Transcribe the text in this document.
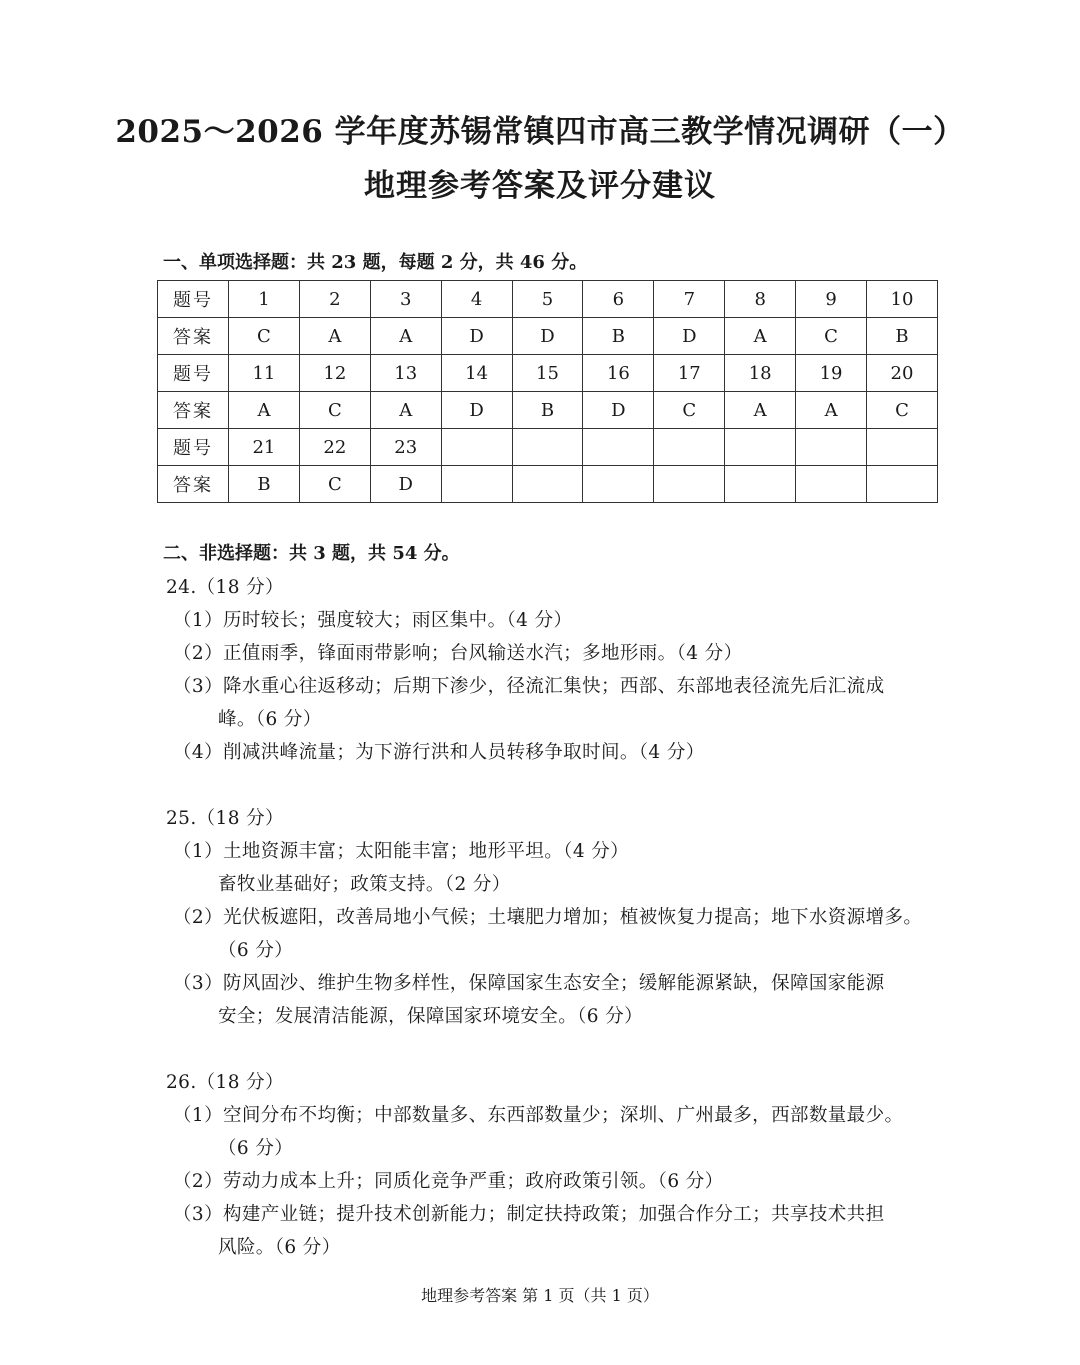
2025～2026 学年度苏锡常镇四市高三教学情况调研（一）
地理参考答案及评分建议
一、单项选择题：共 23 题，每题 2 分，共 46 分。
题号	1	2	3	4	5	6	7	8	9	10
答案	C	A	A	D	D	B	D	A	C	B
题号	11	12	13	14	15	16	17	18	19	20
答案	A	C	A	D	B	D	C	A	A	C
题号	21	22	23							
答案	B	C	D							
二、非选择题：共 3 题，共 54 分。
24.（18 分）
（1）历时较长；强度较大；雨区集中。（4 分）
（2）正值雨季，锋面雨带影响；台风输送水汽；多地形雨。（4 分）
（3）降水重心往返移动；后期下渗少，径流汇集快；西部、东部地表径流先后汇流成
峰。（6 分）
（4）削减洪峰流量；为下游行洪和人员转移争取时间。（4 分）
25.（18 分）
（1）土地资源丰富；太阳能丰富；地形平坦。（4 分）
畜牧业基础好；政策支持。（2 分）
（2）光伏板遮阳，改善局地小气候；土壤肥力增加；植被恢复力提高；地下水资源增多。
（6 分）
（3）防风固沙、维护生物多样性，保障国家生态安全；缓解能源紧缺，保障国家能源
安全；发展清洁能源，保障国家环境安全。（6 分）
26.（18 分）
（1）空间分布不均衡；中部数量多、东西部数量少；深圳、广州最多，西部数量最少。
（6 分）
（2）劳动力成本上升；同质化竞争严重；政府政策引领。（6 分）
（3）构建产业链；提升技术创新能力；制定扶持政策；加强合作分工；共享技术共担
风险。（6 分）
地理参考答案 第 1 页（共 1 页）
